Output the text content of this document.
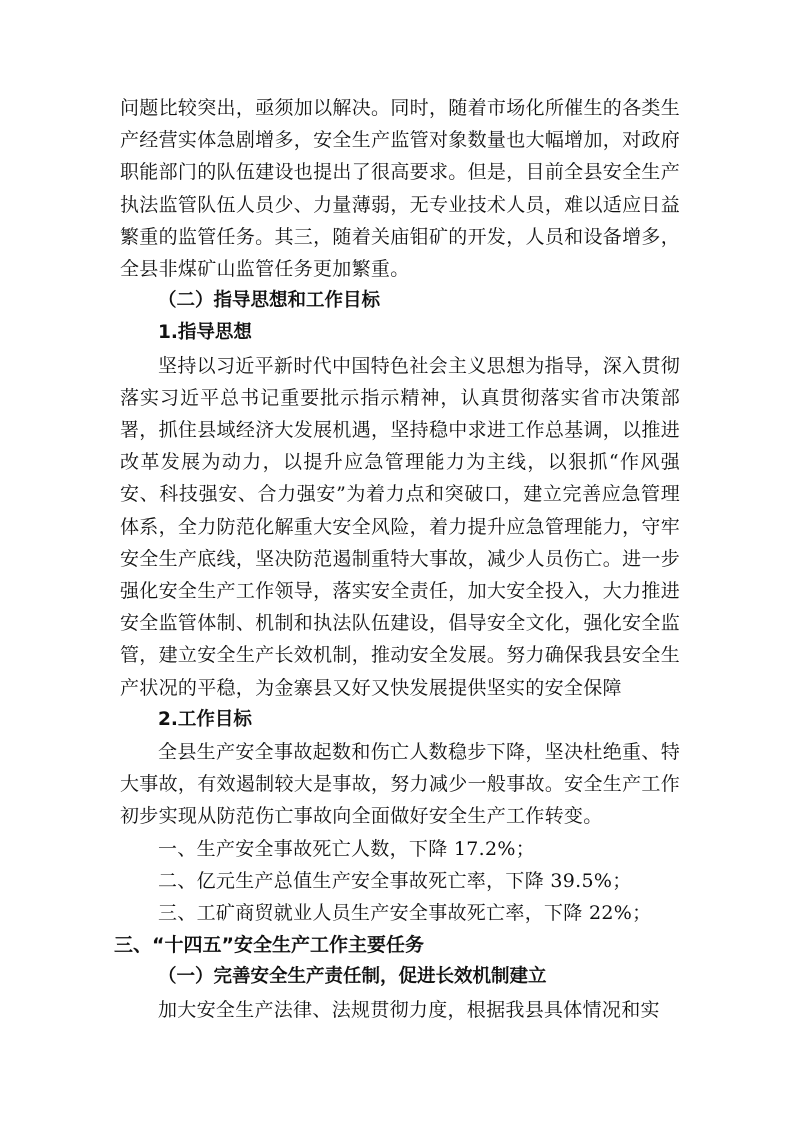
问题比较突出，亟须加以解决。同时，随着市场化所催生的各类生产经营实体急剧增多，安全生产监管对象数量也大幅增加，对政府职能部门的队伍建设也提出了很高要求。但是，目前全县安全生产执法监管队伍人员少、力量薄弱，无专业技术人员，难以适应日益繁重的监管任务。其三，随着关庙钼矿的开发，人员和设备增多，全县非煤矿山监管任务更加繁重。

（二）指导思想和工作目标

1.指导思想

坚持以习近平新时代中国特色社会主义思想为指导，深入贯彻落实习近平总书记重要批示指示精神，认真贯彻落实省市决策部署，抓住县域经济大发展机遇，坚持稳中求进工作总基调，以推进改革发展为动力，以提升应急管理能力为主线，以狠抓“作风强安、科技强安、合力强安”为着力点和突破口，建立完善应急管理体系，全力防范化解重大安全风险，着力提升应急管理能力，守牢安全生产底线，坚决防范遏制重特大事故，减少人员伤亡。进一步强化安全生产工作领导，落实安全责任，加大安全投入，大力推进安全监管体制、机制和执法队伍建设，倡导安全文化，强化安全监管，建立安全生产长效机制，推动安全发展。努力确保我县安全生产状况的平稳，为金寨县又好又快发展提供坚实的安全保障

2.工作目标

全县生产安全事故起数和伤亡人数稳步下降，坚决杜绝重、特大事故，有效遏制较大是事故，努力减少一般事故。安全生产工作初步实现从防范伤亡事故向全面做好安全生产工作转变。

一、生产安全事故死亡人数，下降 17.2%；

二、亿元生产总值生产安全事故死亡率，下降 39.5%；

三、工矿商贸就业人员生产安全事故死亡率，下降 22%；

三、“十四五”安全生产工作主要任务

（一）完善安全生产责任制，促进长效机制建立

加大安全生产法律、法规贯彻力度，根据我县具体情况和实
